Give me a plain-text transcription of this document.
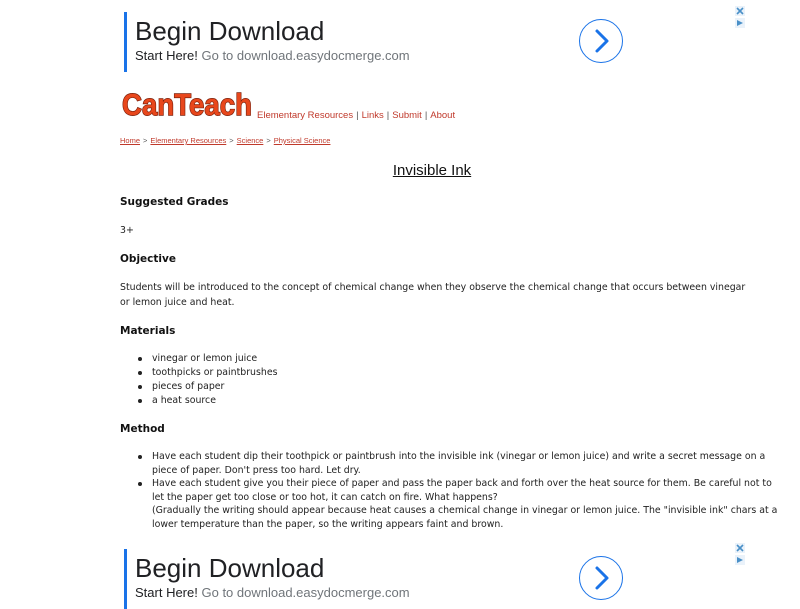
Begin Download
Start Here! Go to download.easydocmerge.com
CanTeach Elementary Resources | Links | Submit | About
Home > Elementary Resources > Science > Physical Science
Invisible Ink
Suggested Grades

3+

Objective

Students will be introduced to the concept of chemical change when they observe the chemical change that occurs between vinegar or lemon juice and heat.

Materials
vinegar or lemon juice
toothpicks or paintbrushes
pieces of paper
a heat source
Method
Have each student dip their toothpick or paintbrush into the invisible ink (vinegar or lemon juice) and write a secret message on a piece of paper. Don't press too hard. Let dry.
Have each student give you their piece of paper and pass the paper back and forth over the heat source for them. Be careful not to let the paper get too close or too hot, it can catch on fire. What happens?
(Gradually the writing should appear because heat causes a chemical change in vinegar or lemon juice. The "invisible ink" chars at a lower temperature than the paper, so the writing appears faint and brown.
Begin Download
Start Here! Go to download.easydocmerge.com
